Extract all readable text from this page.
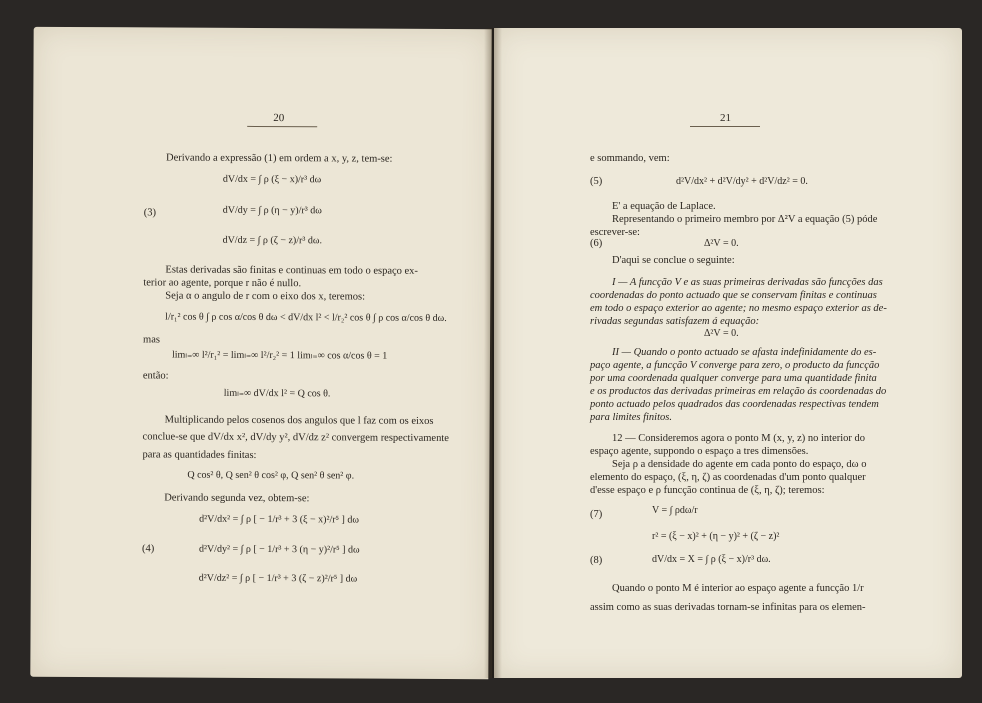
20
Derivando a expressão (1) em ordem a x, y, z, tem-se:
dV/dx = ∫ ρ (ξ − x)/r³ dω
dV/dy = ∫ ρ (η − y)/r³ dω
dV/dz = ∫ ρ (ζ − z)/r³ dω.
(3)
Estas derivadas são finitas e continuas em todo o espaço ex-
terior ao agente, porque r não é nullo.
Seja α o angulo de r com o eixo dos x, teremos:
l/r₁² cos θ ∫ ρ cos α/cos θ dω < dV/dx l² < l/r₂² cos θ ∫ ρ cos α/cos θ dω.
mas
limₗ₌∞ l²/r₁² = limₗ₌∞ l²/r₂² = 1 limₗ₌∞ cos α/cos θ = 1
então:
limₗ₌∞ dV/dx l² = Q cos θ.
Multiplicando pelos cosenos dos angulos que l faz com os eixos
conclue-se que dV/dx x², dV/dy y², dV/dz z² convergem respectivamente
para as quantidades finitas:
Q cos² θ, Q sen² θ cos² φ, Q sen² θ sen² φ.
Derivando segunda vez, obtem-se:
d²V/dx² = ∫ ρ [ − 1/r³ + 3 (ξ − x)²/r⁵ ] dω
d²V/dy² = ∫ ρ [ − 1/r³ + 3 (η − y)²/r⁵ ] dω
d²V/dz² = ∫ ρ [ − 1/r³ + 3 (ζ − z)²/r⁵ ] dω
(4)
21
e sommando, vem:
(5)	d²V/dx² + d²V/dy² + d²V/dz² = 0.
E' a equação de Laplace.
Representando o primeiro membro por Δ²V a equação (5) póde
escrever-se:
(6)	Δ²V = 0.
D'aqui se conclue o seguinte:
I — A funcção V e as suas primeiras derivadas são funcções das
coordenadas do ponto actuado que se conservam finitas e continuas
em todo o espaço exterior ao agente; no mesmo espaço exterior as de-
rivadas segundas satisfazem á equação:
Δ²V = 0.
II — Quando o ponto actuado se afasta indefinidamente do es-
paço agente, a funcção V converge para zero, o producto da funcção
por uma coordenada qualquer converge para uma quantidade finita
e os productos das derivadas primeiras em relação ás coordenadas do
ponto actuado pelos quadrados das coordenadas respectivas tendem
para limites finitos.
12 — Consideremos agora o ponto M (x, y, z) no interior do
espaço agente, suppondo o espaço a tres dimensões.
Seja ρ a densidade do agente em cada ponto do espaço, dω o
elemento do espaço, (ξ, η, ζ) as coordenadas d'um ponto qualquer
d'esse espaço e ρ funcção continua de (ξ, η, ζ); teremos:
(7)	V = ∫ ρdω/r
r² = (ξ − x)² + (η − y)² + (ζ − z)²
(8)	dV/dx = X = ∫ ρ (ξ − x)/r³ dω.
Quando o ponto M é interior ao espaço agente a funcção 1/r
assim como as suas derivadas tornam-se infinitas para os elemen-
